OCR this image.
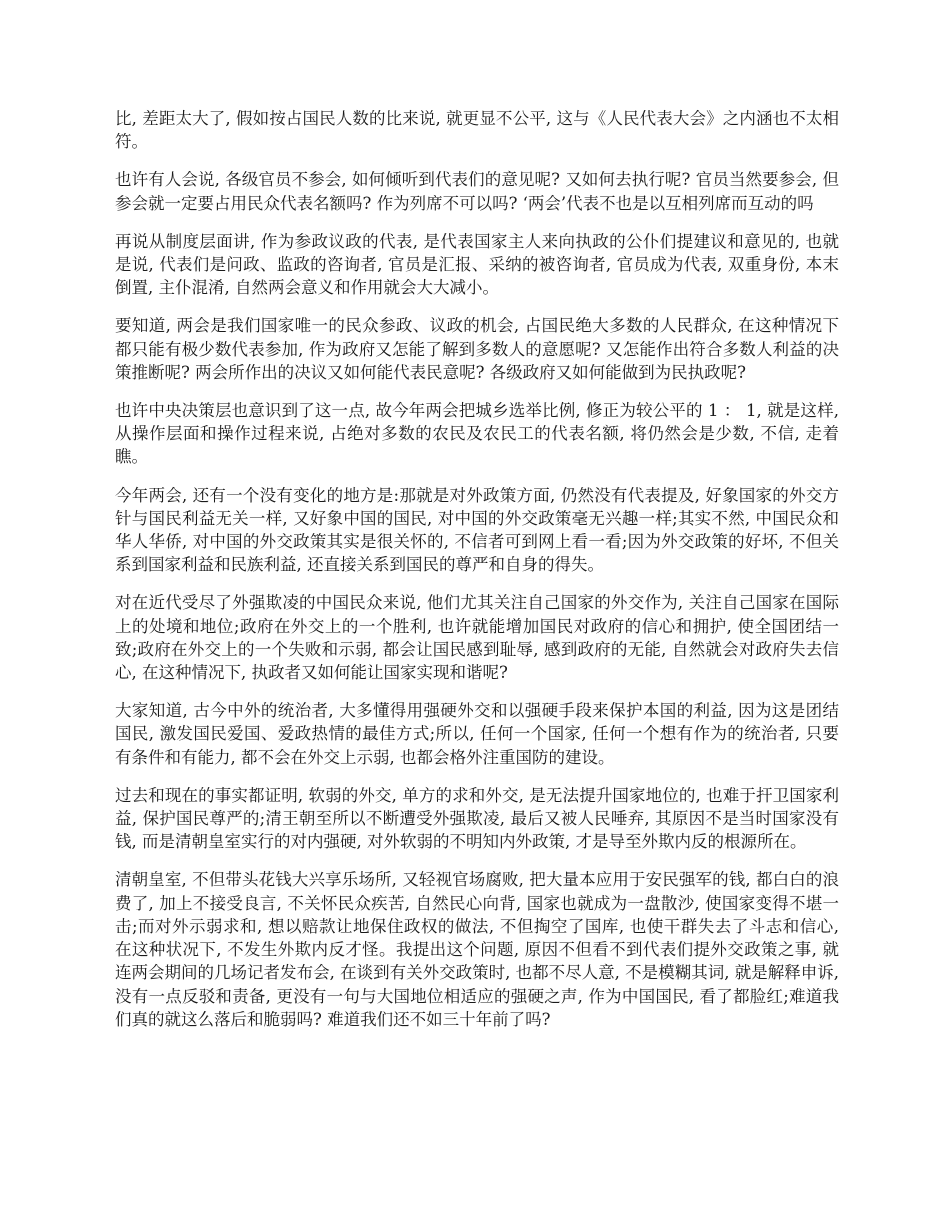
比, 差距太大了, 假如按占国民人数的比来说, 就更显不公平, 这与《人民代表大会》之内涵也不太相符。

也许有人会说, 各级官员不参会, 如何倾听到代表们的意见呢? 又如何去执行呢? 官员当然要参会, 但参会就一定要占用民众代表名额吗? 作为列席不可以吗? ‘两会’代表不也是以互相列席而互动的吗

再说从制度层面讲, 作为参政议政的代表, 是代表国家主人来向执政的公仆们提建议和意见的, 也就是说, 代表们是问政、监政的咨询者, 官员是汇报、采纳的被咨询者, 官员成为代表, 双重身份, 本末倒置, 主仆混淆, 自然两会意义和作用就会大大减小。

要知道, 两会是我们国家唯一的民众参政、议政的机会, 占国民绝大多数的人民群众, 在这种情况下都只能有极少数代表参加, 作为政府又怎能了解到多数人的意愿呢? 又怎能作出符合多数人利益的决策推断呢? 两会所作出的决议又如何能代表民意呢? 各级政府又如何能做到为民执政呢?

也许中央决策层也意识到了这一点, 故今年两会把城乡选举比例, 修正为较公平的 1 ： 1, 就是这样, 从操作层面和操作过程来说, 占绝对多数的农民及农民工的代表名额, 将仍然会是少数, 不信, 走着瞧。

今年两会, 还有一个没有变化的地方是:那就是对外政策方面, 仍然没有代表提及, 好象国家的外交方针与国民利益无关一样, 又好象中国的国民, 对中国的外交政策毫无兴趣一样;其实不然, 中国民众和华人华侨, 对中国的外交政策其实是很关怀的, 不信者可到网上看一看;因为外交政策的好坏, 不但关系到国家利益和民族利益, 还直接关系到国民的尊严和自身的得失。

对在近代受尽了外强欺凌的中国民众来说, 他们尤其关注自己国家的外交作为, 关注自己国家在国际上的处境和地位;政府在外交上的一个胜利, 也许就能增加国民对政府的信心和拥护, 使全国团结一致;政府在外交上的一个失败和示弱, 都会让国民感到耻辱, 感到政府的无能, 自然就会对政府失去信心, 在这种情况下, 执政者又如何能让国家实现和谐呢?

大家知道, 古今中外的统治者, 大多懂得用强硬外交和以强硬手段来保护本国的利益, 因为这是团结国民, 激发国民爱国、爱政热情的最佳方式;所以, 任何一个国家, 任何一个想有作为的统治者, 只要有条件和有能力, 都不会在外交上示弱, 也都会格外注重国防的建设。

过去和现在的事实都证明, 软弱的外交, 单方的求和外交, 是无法提升国家地位的, 也难于扞卫国家利益, 保护国民尊严的;清王朝至所以不断遭受外强欺凌, 最后又被人民唾弃, 其原因不是当时国家没有钱, 而是清朝皇室实行的对内强硬, 对外软弱的不明知内外政策, 才是导至外欺内反的根源所在。

清朝皇室, 不但带头花钱大兴享乐场所, 又轻视官场腐败, 把大量本应用于安民强军的钱, 都白白的浪费了, 加上不接受良言, 不关怀民众疾苦, 自然民心向背, 国家也就成为一盘散沙, 使国家变得不堪一击;而对外示弱求和, 想以赔款让地保住政权的做法, 不但掏空了国库, 也使干群失去了斗志和信心, 在这种状况下, 不发生外欺内反才怪。我提出这个问题, 原因不但看不到代表们提外交政策之事, 就连两会期间的几场记者发布会, 在谈到有关外交政策时, 也都不尽人意, 不是模糊其词, 就是解释申诉, 没有一点反驳和责备, 更没有一句与大国地位相适应的强硬之声, 作为中国国民, 看了都脸红;难道我们真的就这么落后和脆弱吗? 难道我们还不如三十年前了吗?
